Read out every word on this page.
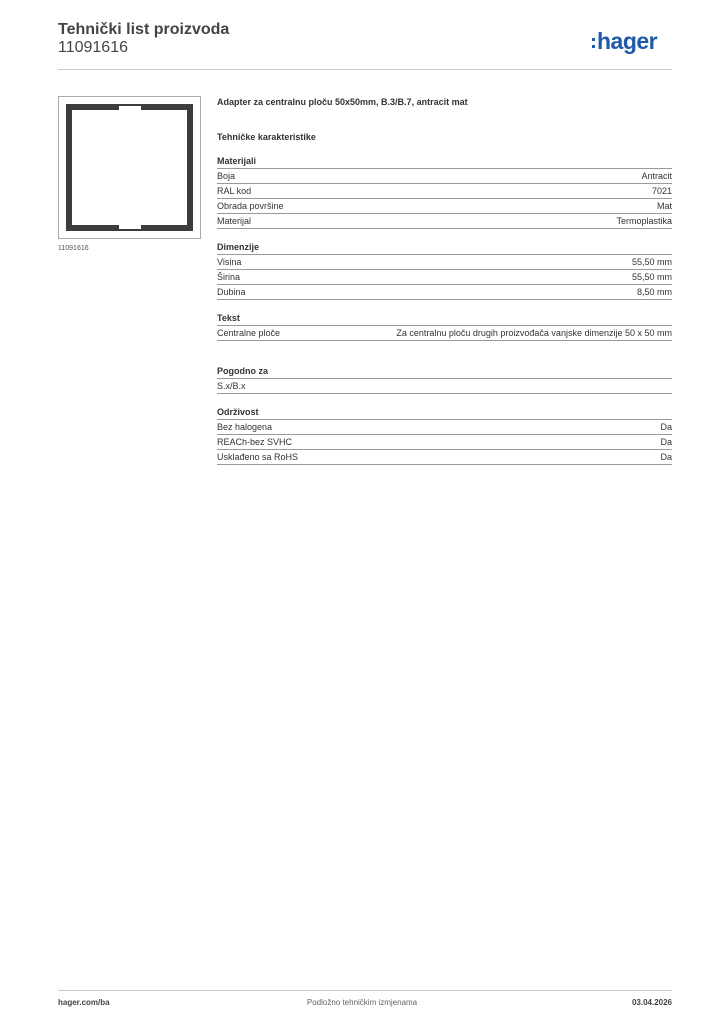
Tehnički list proizvoda
11091616	hager
11091616
Adapter za centralnu ploču 50x50mm, B.3/B.7, antracit mat
Tehničke karakteristike
Materijali
Boja	Antracit
RAL kod	7021
Obrada površine	Mat
Materijal	Termoplastika
Dimenzije
Visina	55,50 mm
Širina	55,50 mm
Dubina	8,50 mm
Tekst
Centralne ploče	Za centralnu ploču drugih proizvođača vanjske dimenzije 50 x 50 mm
Pogodno za
S.x/B.x
Održivost
Bez halogena	Da
REACh-bez SVHC	Da
Usklađeno sa RoHS	Da
hager.com/ba	Podložno tehničkim izmjenama	03.04.2026
